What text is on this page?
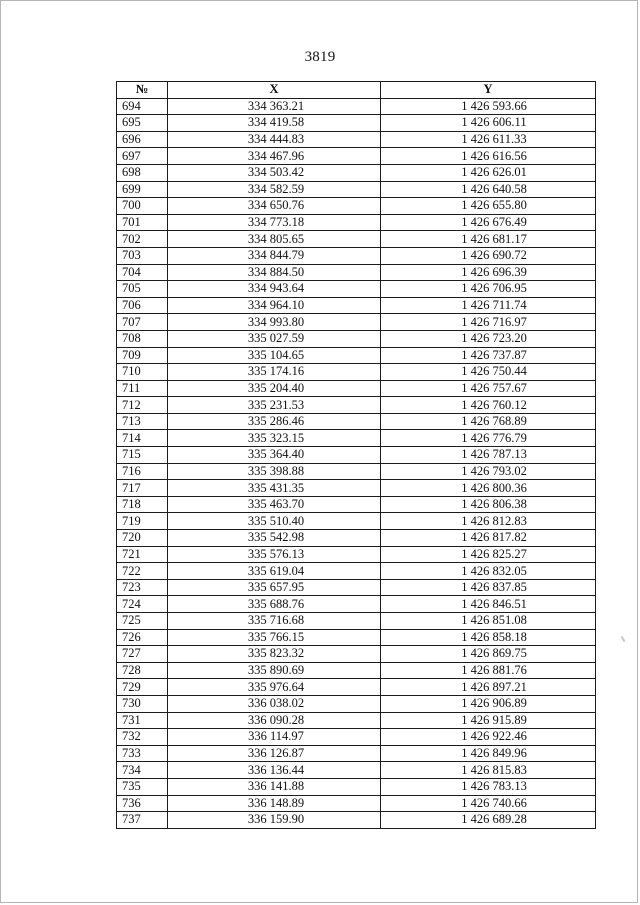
3819
№	X	Y
694	334 363.21	1 426 593.66
695	334 419.58	1 426 606.11
696	334 444.83	1 426 611.33
697	334 467.96	1 426 616.56
698	334 503.42	1 426 626.01
699	334 582.59	1 426 640.58
700	334 650.76	1 426 655.80
701	334 773.18	1 426 676.49
702	334 805.65	1 426 681.17
703	334 844.79	1 426 690.72
704	334 884.50	1 426 696.39
705	334 943.64	1 426 706.95
706	334 964.10	1 426 711.74
707	334 993.80	1 426 716.97
708	335 027.59	1 426 723.20
709	335 104.65	1 426 737.87
710	335 174.16	1 426 750.44
711	335 204.40	1 426 757.67
712	335 231.53	1 426 760.12
713	335 286.46	1 426 768.89
714	335 323.15	1 426 776.79
715	335 364.40	1 426 787.13
716	335 398.88	1 426 793.02
717	335 431.35	1 426 800.36
718	335 463.70	1 426 806.38
719	335 510.40	1 426 812.83
720	335 542.98	1 426 817.82
721	335 576.13	1 426 825.27
722	335 619.04	1 426 832.05
723	335 657.95	1 426 837.85
724	335 688.76	1 426 846.51
725	335 716.68	1 426 851.08
726	335 766.15	1 426 858.18
727	335 823.32	1 426 869.75
728	335 890.69	1 426 881.76
729	335 976.64	1 426 897.21
730	336 038.02	1 426 906.89
731	336 090.28	1 426 915.89
732	336 114.97	1 426 922.46
733	336 126.87	1 426 849.96
734	336 136.44	1 426 815.83
735	336 141.88	1 426 783.13
736	336 148.89	1 426 740.66
737	336 159.90	1 426 689.28
